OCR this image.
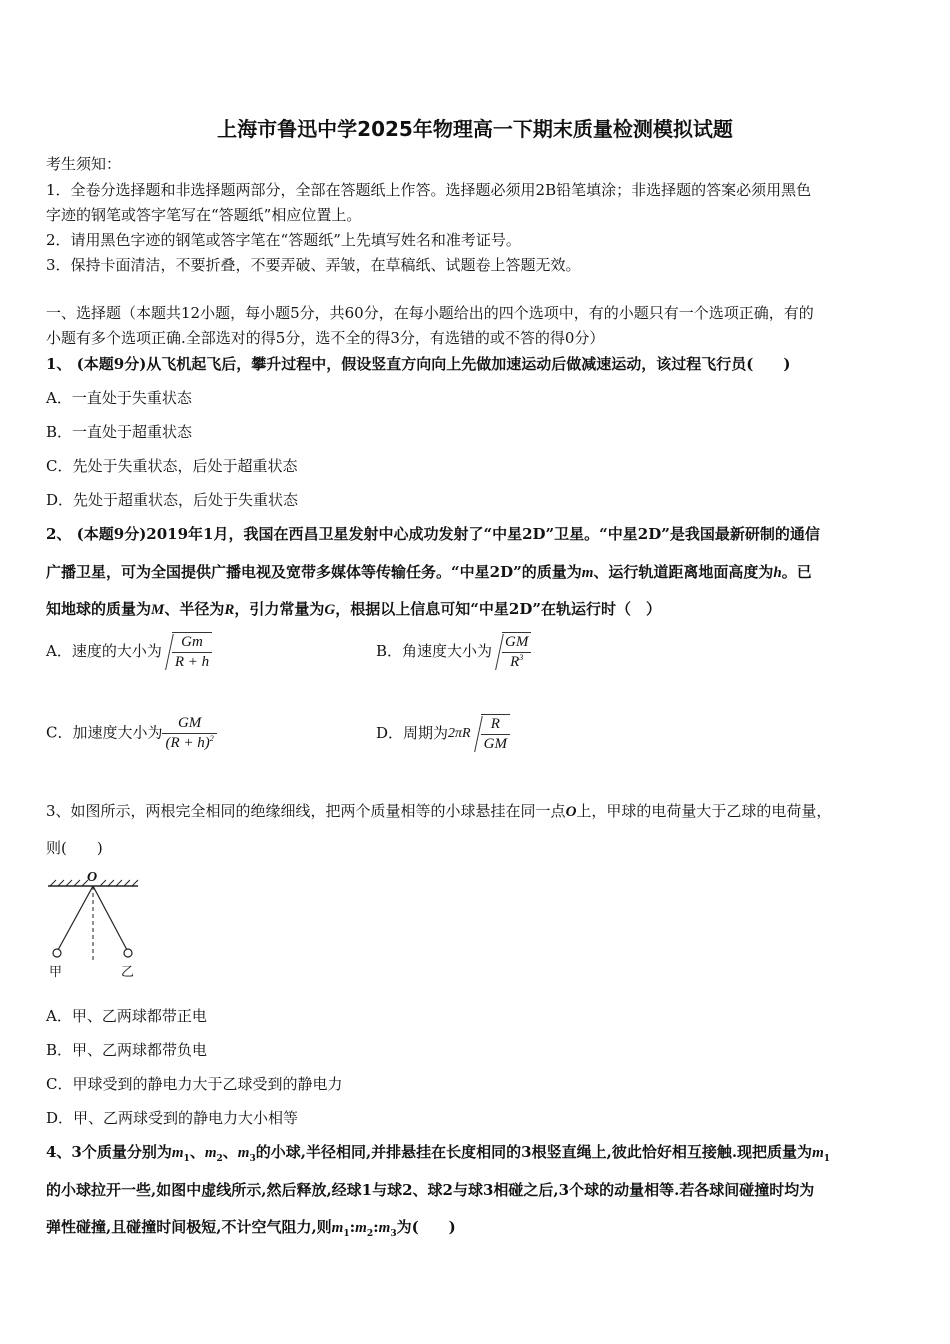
上海市鲁迅中学2025年物理高一下期末质量检测模拟试题
考生须知：
1．全卷分选择题和非选择题两部分，全部在答题纸上作答。选择题必须用2B铅笔填涂；非选择题的答案必须用黑色
字迹的钢笔或答字笔写在“答题纸”相应位置上。
2．请用黑色字迹的钢笔或答字笔在“答题纸”上先填写姓名和准考证号。
3．保持卡面清洁，不要折叠，不要弄破、弄皱，在草稿纸、试题卷上答题无效。
一、选择题（本题共12小题，每小题5分，共60分，在每小题给出的四个选项中，有的小题只有一个选项正确，有的
小题有多个选项正确.全部选对的得5分，选不全的得3分，有选错的或不答的得0分）
1、 (本题9分)从飞机起飞后，攀升过程中，假设竖直方向向上先做加速运动后做减速运动，该过程飞行员(　　)
A．一直处于失重状态
B．一直处于超重状态
C．先处于失重状态，后处于超重状态
D．先处于超重状态，后处于失重状态
2、 (本题9分)2019年1月，我国在西昌卫星发射中心成功发射了“中星2D”卫星。“中星2D”是我国最新研制的通信
广播卫星，可为全国提供广播电视及宽带多媒体等传输任务。“中星2D”的质量为m、运行轨道距离地面高度为h。已
知地球的质量为M、半径为R，引力常量为G，根据以上信息可知“中星2D”在轨运行时（　）
A．速度的大小为 $\frac{Gm}{R + h}$	B．角速度大小为 $\frac{GM}{R^3}$
C．加速度大小为 $\frac{GM}{(R + h)^2}$	D．周期为$2\pi R \frac{R}{GM}$
3、如图所示，两根完全相同的绝缘细线，把两个质量相等的小球悬挂在同一点O上，甲球的电荷量大于乙球的电荷量，
则(　　)
O
甲	乙
A．甲、乙两球都带正电
B．甲、乙两球都带负电
C．甲球受到的静电力大于乙球受到的静电力
D．甲、乙两球受到的静电力大小相等
4、3个质量分别为$m_1$、$m_2$、$m_3$的小球,半径相同,并排悬挂在长度相同的3根竖直绳上,彼此恰好相互接触.现把质量为$m_1$
的小球拉开一些,如图中虚线所示,然后释放,经球1与球2、球2与球3相碰之后,3个球的动量相等.若各球间碰撞时均为
弹性碰撞,且碰撞时间极短,不计空气阻力,则$m_1:m_2:m_3$为(　　)
